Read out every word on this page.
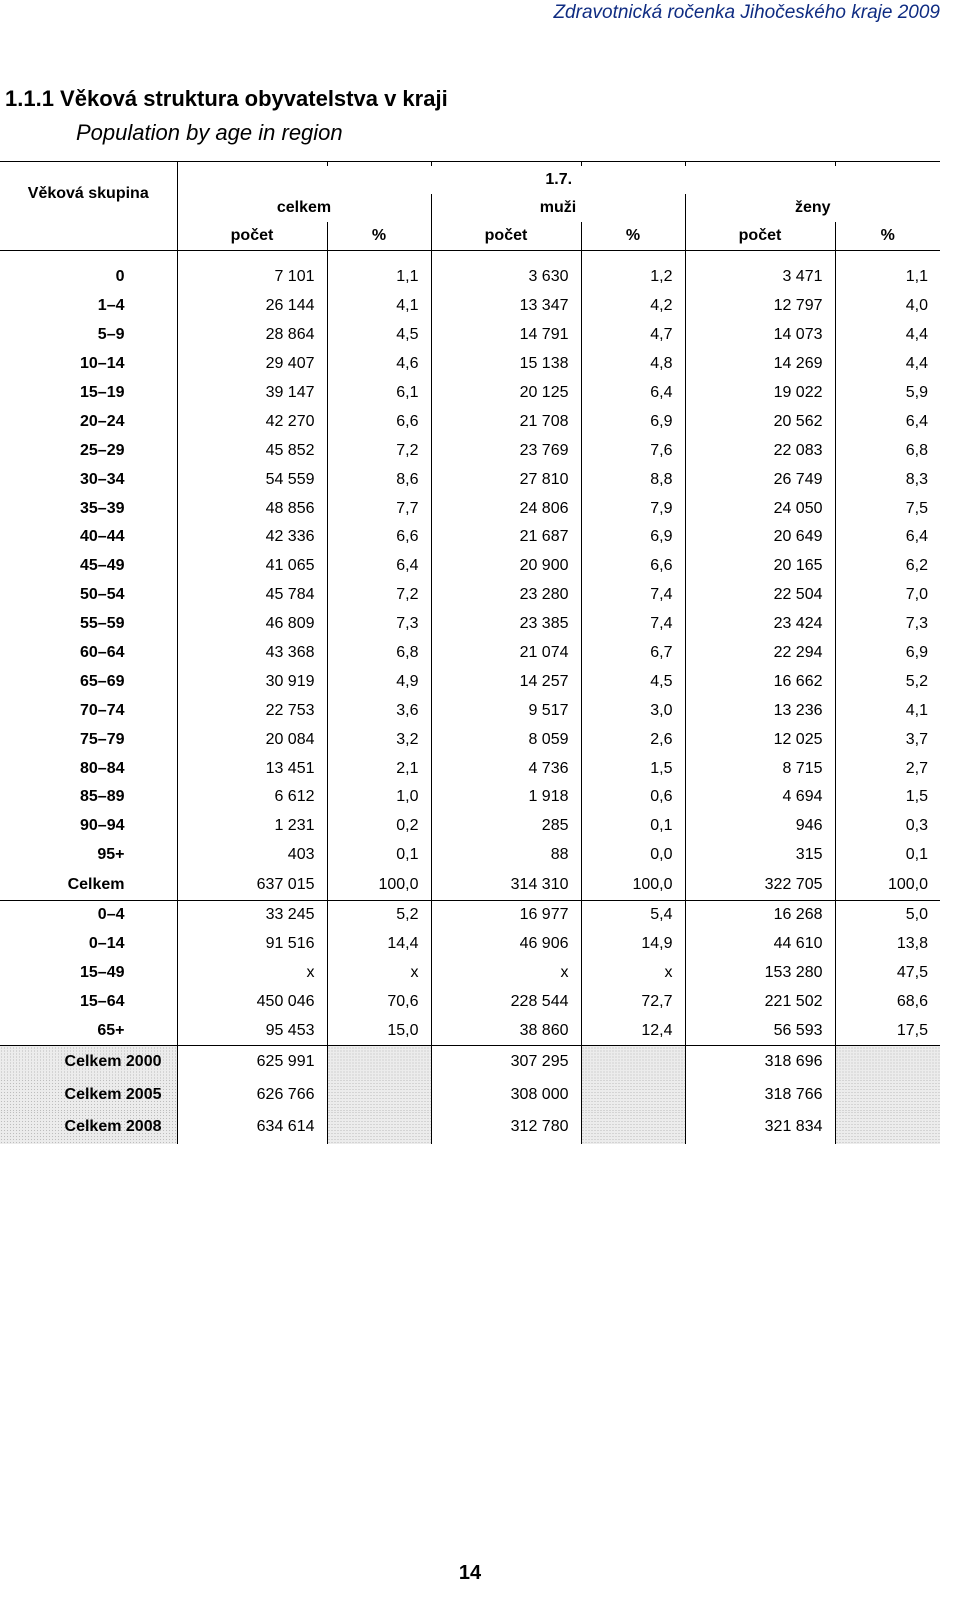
Zdravotnická ročenka Jihočeského kraje 2009
1.1.1 Věková struktura obyvatelstva v kraji
Population by age in region

Věková skupina	1.7.					
	celkem		muži		ženy	
	počet	%	počet	%	počet	%

0	7 101	1,1	3 630	1,2	3 471	1,1
1–4	26 144	4,1	13 347	4,2	12 797	4,0
5–9	28 864	4,5	14 791	4,7	14 073	4,4
10–14	29 407	4,6	15 138	4,8	14 269	4,4
15–19	39 147	6,1	20 125	6,4	19 022	5,9
20–24	42 270	6,6	21 708	6,9	20 562	6,4
25–29	45 852	7,2	23 769	7,6	22 083	6,8
30–34	54 559	8,6	27 810	8,8	26 749	8,3
35–39	48 856	7,7	24 806	7,9	24 050	7,5
40–44	42 336	6,6	21 687	6,9	20 649	6,4
45–49	41 065	6,4	20 900	6,6	20 165	6,2
50–54	45 784	7,2	23 280	7,4	22 504	7,0
55–59	46 809	7,3	23 385	7,4	23 424	7,3
60–64	43 368	6,8	21 074	6,7	22 294	6,9
65–69	30 919	4,9	14 257	4,5	16 662	5,2
70–74	22 753	3,6	9 517	3,0	13 236	4,1
75–79	20 084	3,2	8 059	2,6	12 025	3,7
80–84	13 451	2,1	4 736	1,5	8 715	2,7
85–89	6 612	1,0	1 918	0,6	4 694	1,5
90–94	1 231	0,2	285	0,1	946	0,3
95+	403	0,1	88	0,0	315	0,1
Celkem	637 015	100,0	314 310	100,0	322 705	100,0
0–4	33 245	5,2	16 977	5,4	16 268	5,0
0–14	91 516	14,4	46 906	14,9	44 610	13,8
15–49	x	x	x	x	153 280	47,5
15–64	450 046	70,6	228 544	72,7	221 502	68,6
65+	95 453	15,0	38 860	12,4	56 593	17,5
Celkem 2000	625 991		307 295		318 696	
Celkem 2005	626 766		308 000		318 766	
Celkem 2008	634 614		312 780		321 834	
14
